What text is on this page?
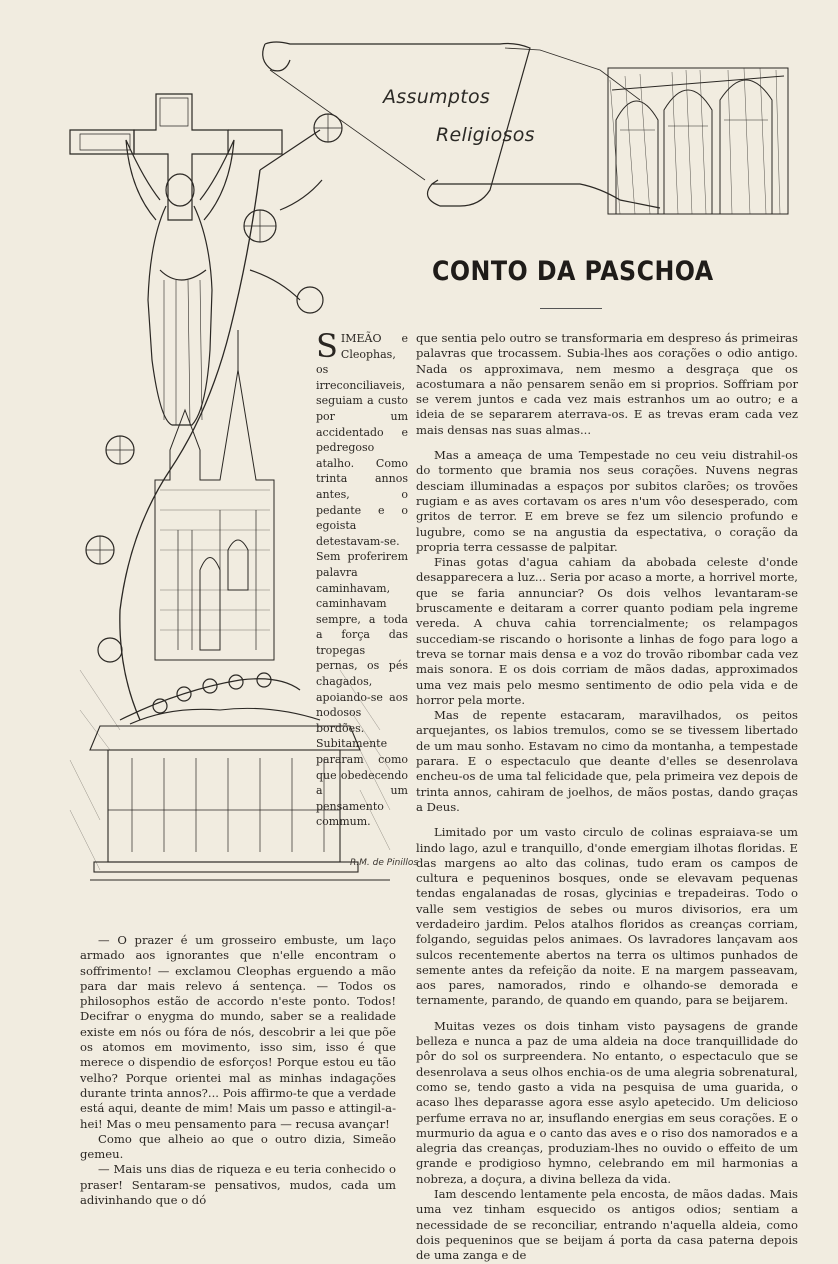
Assumptos
Religiosos
CONTO DA PASCHOA
SIMEÃO e Cleophas, os irreconciliaveis, seguiam a custo por um accidentado e pedregoso atalho. Como trinta annos antes, o pedante e o egoista detestavam-se. Sem proferirem palavra caminhavam, caminhavam sempre, a toda a força das tropegas pernas, os pés chagados, apoiando-se aos nodosos bordões. Subitamente pararam como que obedecendo a um pensamento commum.

que sentia pelo outro se transformaria em despreso ás primeiras palavras que trocassem. Subia-lhes aos corações o odio antigo. Nada os approximava, nem mesmo a desgraça que os acostumara a não pensarem senão em si proprios. Soffriam por se verem juntos e cada vez mais estranhos um ao outro; e a ideia de se separarem aterrava-os. E as trevas eram cada vez mais densas nas suas almas...

Mas a ameaça de uma Tempestade no ceu veiu distrahil-os do tormento que bramia nos seus corações. Nuvens negras desciam illuminadas a espaços por subitos clarões; os trovões rugiam e as aves cortavam os ares n'um vôo desesperado, com gritos de terror. E em breve se fez um silencio profundo e lugubre, como se na angustia da espectativa, o coração da propria terra cessasse de palpitar.

Finas gotas d'agua cahiam da abobada celeste d'onde desapparecera a luz... Seria por acaso a morte, a horrivel morte, que se faria annunciar? Os dois velhos levantaram-se bruscamente e deitaram a correr quanto podiam pela ingreme vereda. A chuva cahia torrencialmente; os relampagos succediam-se riscando o horisonte a linhas de fogo para logo a treva se tornar mais densa e a voz do trovão ribombar cada vez mais sonora. E os dois corriam de mãos dadas, approximados uma vez mais pelo mesmo sentimento de odio pela vida e de horror pela morte.

Mas de repente estacaram, maravilhados, os peitos arquejantes, os labios tremulos, como se se tivessem libertado de um mau sonho. Estavam no cimo da montanha, a tempestade parara. E o espectaculo que deante d'elles se desenrolava encheu-os de uma tal felicidade que, pela primeira vez depois de trinta annos, cahiram de joelhos, de mãos postas, dando graças a Deus.

Limitado por um vasto circulo de colinas espraiava-se um lindo lago, azul e tranquillo, d'onde emergiam ilhotas floridas. E das margens ao alto das colinas, tudo eram os campos de cultura e pequeninos bosques, onde se elevavam pequenas tendas engalanadas de rosas, glycinias e trepadeiras. Todo o valle sem vestigios de sebes ou muros divisorios, era um verdadeiro jardim. Pelos atalhos floridos as creanças corriam, folgando, seguidas pelos animaes. Os lavradores lançavam aos sulcos recentemente abertos na terra os ultimos punhados de semente antes da refeição da noite. E na margem passeavam, aos pares, namorados, rindo e olhando-se demorada e ternamente, parando, de quando em quando, para se beijarem.

Muitas vezes os dois tinham visto paysagens de grande belleza e nunca a paz de uma aldeia na doce tranquillidade do pôr do sol os surpreendera. No entanto, o espectaculo que se desenrolava a seus olhos enchia-os de uma alegria sobrenatural, como se, tendo gasto a vida na pesquisa de uma guarida, o acaso lhes deparasse agora esse asylo apetecido. Um delicioso perfume errava no ar, insuflando energias em seus corações. E o murmurio da agua e o canto das aves e o riso dos namorados e a alegria das creanças, produziam-lhes no ouvido o effeito de um grande e prodigioso hymno, celebrando em mil harmonias a nobreza, a doçura, a divina belleza da vida.

Iam descendo lentamente pela encosta, de mãos dadas. Mais uma vez tinham esquecido os antigos odios; sentiam a necessidade de se reconciliar, entrando n'aquella aldeia, como dois pequeninos que se beijam á porta da casa paterna depois de uma zanga e de

— O prazer é um grosseiro embuste, um laço armado aos ignorantes que n'elle encontram o soffrimento! — exclamou Cleophas erguendo a mão para dar mais relevo á sentença. — Todos os philosophos estão de accordo n'este ponto. Todos! Decifrar o enygma do mundo, saber se a realidade existe em nós ou fóra de nós, descobrir a lei que põe os atomos em movimento, isso sim, isso é que merece o dispendio de esforços! Porque estou eu tão velho? Porque orientei mal as minhas indagações durante trinta annos?... Pois affirmo-te que a verdade está aqui, deante de mim! Mais um passo e attingil-a-hei! Mas o meu pensamento para — recusa avançar!

Como que alheio ao que o outro dizia, Simeão gemeu.

— Mais uns dias de riqueza e eu teria conhecido o praser! Sentaram-se pensativos, mudos, cada um adivinhando que o dó

R.M. de Pinillos
